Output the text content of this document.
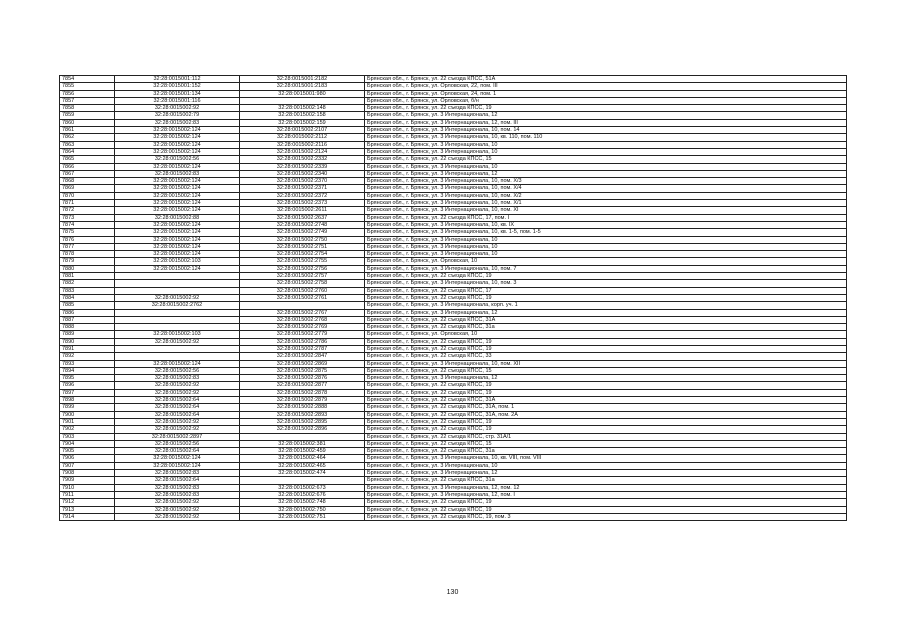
7854	32:28:0015001:112	32:28:0015001:2182	Брянская обл., г. Брянск, ул. 22 съезда КПСС, 51А
7855	32:28:0015001:152	32:28:0015001:2183	Брянская обл., г. Брянск, ул. Орловская, 22, пом. III
7856	32:28:0015001:134	32:28:0015001:980	Брянская обл., г. Брянск, ул. Орловская, 24, пом. 1
7857	32:28:0015001:116		Брянская обл., г. Брянск, ул. Орловская, б/н
7858	32:28:0015002:92	32:28:0015002:148	Брянская обл., г. Брянск, ул. 22 съезда КПСС, 19
7859	32:28:0015002:79	32:28:0015002:158	Брянская обл., г. Брянск, ул. 3 Интернационала, 12
7860	32:28:0015002:83	32:28:0015002:159	Брянская обл., г. Брянск, ул. 3 Интернационала, 12, пом. III
7861	32:28:0015002:124	32:28:0015002:2107	Брянская обл., г. Брянск, ул. 3 Интернационала, 10, пом. 14
7862	32:28:0015002:124	32:28:0015002:2112	Брянская обл., г. Брянск, ул. 3 Интернационала, 10, кв. 110, пом. 110
7863	32:28:0015002:124	32:28:0015002:2116	Брянская обл., г. Брянск, ул. 3 Интернационала, 10
7864	32:28:0015002:124	32:28:0015002:2124	Брянская обл., г. Брянск, ул. 3 Интернационала, 10
7865	32:28:0015002:56	32:28:0015002:2332	Брянская обл., г. Брянск, ул. 22 съезда КПСС, 15
7866	32:28:0015002:124	32:28:0015002:2339	Брянская обл., г. Брянск, ул. 3 Интернационала, 10
7867	32:28:0015002:83	32:28:0015002:2340	Брянская обл., г. Брянск, ул. 3 Интернационала, 12
7868	32:28:0015002:124	32:28:0015002:2370	Брянская обл., г. Брянск, ул. 3 Интернационала, 10, пом. Х/3
7869	32:28:0015002:124	32:28:0015002:2371	Брянская обл., г. Брянск, ул. 3 Интернационала, 10, пом. Х/4
7870	32:28:0015002:124	32:28:0015002:2372	Брянская обл., г. Брянск, ул. 3 Интернационала, 10, пом. Х/2
7871	32:28:0015002:124	32:28:0015002:2373	Брянская обл., г. Брянск, ул. 3 Интернационала, 10, пом. Х/1
7872	32:28:0015002:124	32:28:0015002:2611	Брянская обл., г. Брянск, ул. 3 Интернационала, 10, пом. XI
7873	32:28:0015002:88	32:28:0015002:2637	Брянская обл., г. Брянск, ул. 22 съезда КПСС, 17, пом. I
7874	32:28:0015002:124	32:28:0015002:2748	Брянская обл., г. Брянск, ул. 3 Интернационала, 10, кв. IX
7875	32:28:0015002:124	32:28:0015002:2749	Брянская обл., г. Брянск, ул. 3 Интернационала, 10, кв. 1-5, пом. 1-5
7876	32:28:0015002:124	32:28:0015002:2750	Брянская обл., г. Брянск, ул. 3 Интернационала, 10
7877	32:28:0015002:124	32:28:0015002:2751	Брянская обл., г. Брянск, ул. 3 Интернационала, 10
7878	32:28:0015002:124	32:28:0015002:2754	Брянская обл., г. Брянск, ул. 3 Интернационала, 10
7879	32:28:0015002:103	32:28:0015002:2755	Брянская обл., г. Брянск, ул. Орловская, 10
7880	32:28:0015002:124	32:28:0015002:2756	Брянская обл., г. Брянск, ул. 3 Интернационала, 10, пом. 7
7881		32:28:0015002:2757	Брянская обл., г. Брянск, ул. 22 съезда КПСС, 19
7882		32:28:0015002:2758	Брянская обл., г. Брянск, ул. 3 Интернационала, 10, пом. 3
7883		32:28:0015002:2760	Брянская обл., г. Брянск, ул. 22 съезда КПСС, 17
7884	32:28:0015002:92	32:28:0015002:2761	Брянская обл., г. Брянск, ул. 22 съезда КПСС, 19
7885	32:28:0015002:2762		Брянская обл., г. Брянск, ул. 3 Интернационала, корп. уч. 1
7886		32:28:0015002:2767	Брянская обл., г. Брянск, ул. 3 Интернационала, 12
7887		32:28:0015002:2768	Брянская обл., г. Брянск, ул. 22 съезда КПСС, 31А
7888		32:28:0015002:2769	Брянская обл., г. Брянск, ул. 22 съезда КПСС, 31а
7889	32:28:0015002:103	32:28:0015002:2779	Брянская обл., г. Брянск, ул. Орловская, 10
7890	32:28:0015002:92	32:28:0015002:2786	Брянская обл., г. Брянск, ул. 22 съезда КПСС, 19
7891		32:28:0015002:2787	Брянская обл., г. Брянск, ул. 22 съезда КПСС, 19
7892		32:28:0015002:2847	Брянская обл., г. Брянск, ул. 22 съезда КПСС, 33
7893	32:28:0015002:124	32:28:0015002:2869	Брянская обл., г. Брянск, ул. 3 Интернационала, 10, пом. XII
7894	32:28:0015002:56	32:28:0015002:2875	Брянская обл., г. Брянск, ул. 22 съезда КПСС, 15
7895	32:28:0015002:83	32:28:0015002:2876	Брянская обл., г. Брянск, ул. 3 Интернационала, 12
7896	32:28:0015002:92	32:28:0015002:2877	Брянская обл., г. Брянск, ул. 22 съезда КПСС, 19
7897	32:28:0015002:92	32:28:0015002:2878	Брянская обл., г. Брянск, ул. 22 съезда КПСС, 19
7898	32:28:0015002:64	32:28:0015002:2879	Брянская обл., г. Брянск, ул. 22 съезда КПСС, 31А
7899	32:28:0015002:64	32:28:0015002:2888	Брянская обл., г. Брянск, ул. 22 съезда КПСС, 31А, пом. 1
7900	32:28:0015002:64	32:28:0015002:2893	Брянская обл., г. Брянск, ул. 22 съезда КПСС, 31А, пом. 2А
7901	32:28:0015002:92	32:28:0015002:2895	Брянская обл., г. Брянск, ул. 22 съезда КПСС, 19
7902	32:28:0015002:92	32:28:0015002:2896	Брянская обл., г. Брянск, ул. 22 съезда КПСС, 19
7903	32:28:0015002:2897		Брянская обл., г. Брянск, ул. 22 съезда КПСС, стр. 31А/1
7904	32:28:0015002:56	32:28:0015002:381	Брянская обл., г. Брянск, ул. 22 съезда КПСС, 15
7905	32:28:0015002:64	32:28:0015002:459	Брянская обл., г. Брянск, ул. 22 съезда КПСС, 31а
7906	32:28:0015002:124	32:28:0015002:464	Брянская обл., г. Брянск, ул. 3 Интернационала, 10, кв. VIII, пом. VIII
7907	32:28:0015002:124	32:28:0015002:465	Брянская обл., г. Брянск, ул. 3 Интернационала, 10
7908	32:28:0015002:83	32:28:0015002:474	Брянская обл., г. Брянск, ул. 3 Интернационала, 12
7909	32:28:0015002:64		Брянская обл., г. Брянск, ул. 22 съезда КПСС, 31а
7910	32:28:0015002:83	32:28:0015002:673	Брянская обл., г. Брянск, ул. 3 Интернационала, 12, пом. 12
7911	32:28:0015002:83	32:28:0015002:676	Брянская обл., г. Брянск, ул. 3 Интернационала, 12, пом. I
7912	32:28:0015002:92	32:28:0015002:748	Брянская обл., г. Брянск, ул. 22 съезда КПСС, 19
7913	32:28:0015002:92	32:28:0015002:750	Брянская обл., г. Брянск, ул. 22 съезда КПСС, 19
7914	32:28:0015002:92	32:28:0015002:751	Брянская обл., г. Брянск, ул. 22 съезда КПСС, 19, пом. 3
130
